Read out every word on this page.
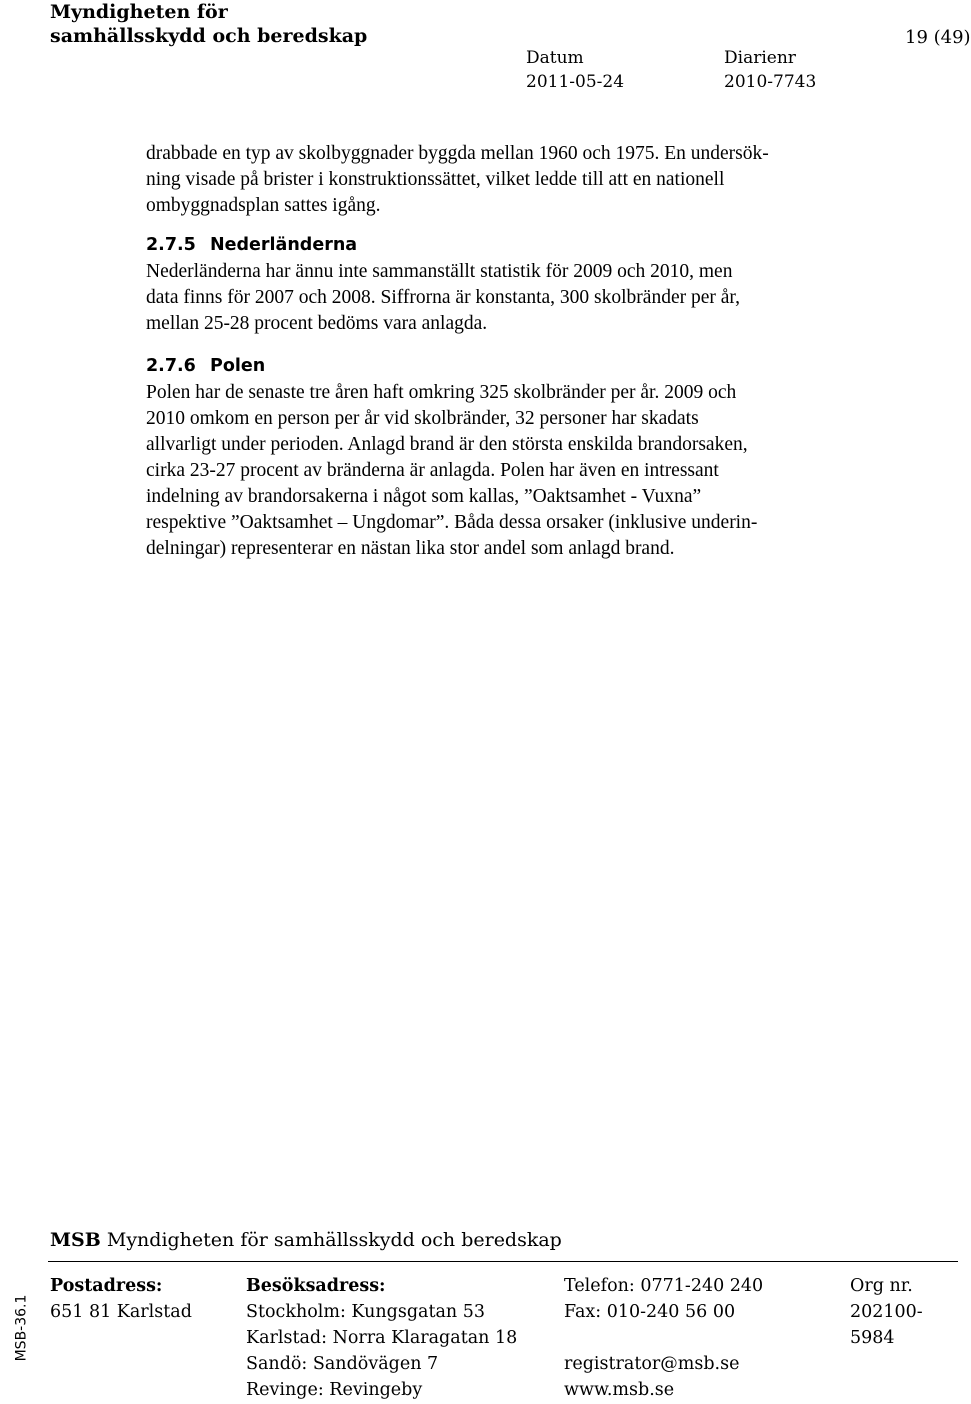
Myndigheten för
samhällsskydd och beredskap	19 (49)
Datum
2011-05-24
Diarienr
2010-7743
drabbade en typ av skolbyggnader byggda mellan 1960 och 1975. En undersök-
ning visade på brister i konstruktionssättet, vilket ledde till att en nationell
ombyggnadsplan sattes igång.
2.7.5 Nederländerna
Nederländerna har ännu inte sammanställt statistik för 2009 och 2010, men
data finns för 2007 och 2008. Siffrorna är konstanta, 300 skolbränder per år,
mellan 25-28 procent bedöms vara anlagda.
2.7.6 Polen
Polen har de senaste tre åren haft omkring 325 skolbränder per år. 2009 och
2010 omkom en person per år vid skolbränder, 32 personer har skadats
allvarligt under perioden. Anlagd brand är den största enskilda brandorsaken,
cirka 23-27 procent av bränderna är anlagda. Polen har även en intressant
indelning av brandorsakerna i något som kallas, ”Oaktsamhet - Vuxna”
respektive ”Oaktsamhet – Ungdomar”. Båda dessa orsaker (inklusive underin-
delningar) representerar en nästan lika stor andel som anlagd brand.
MSB Myndigheten för samhällsskydd och beredskap
Postadress:
651 81 Karlstad
Besöksadress:
Stockholm: Kungsgatan 53
Karlstad: Norra Klaragatan 18
Sandö: Sandövägen 7
Revinge: Revingeby
Telefon: 0771-240 240
Fax: 010-240 56 00

registrator@msb.se
www.msb.se
Org nr.
202100-
5984
MSB-36.1
